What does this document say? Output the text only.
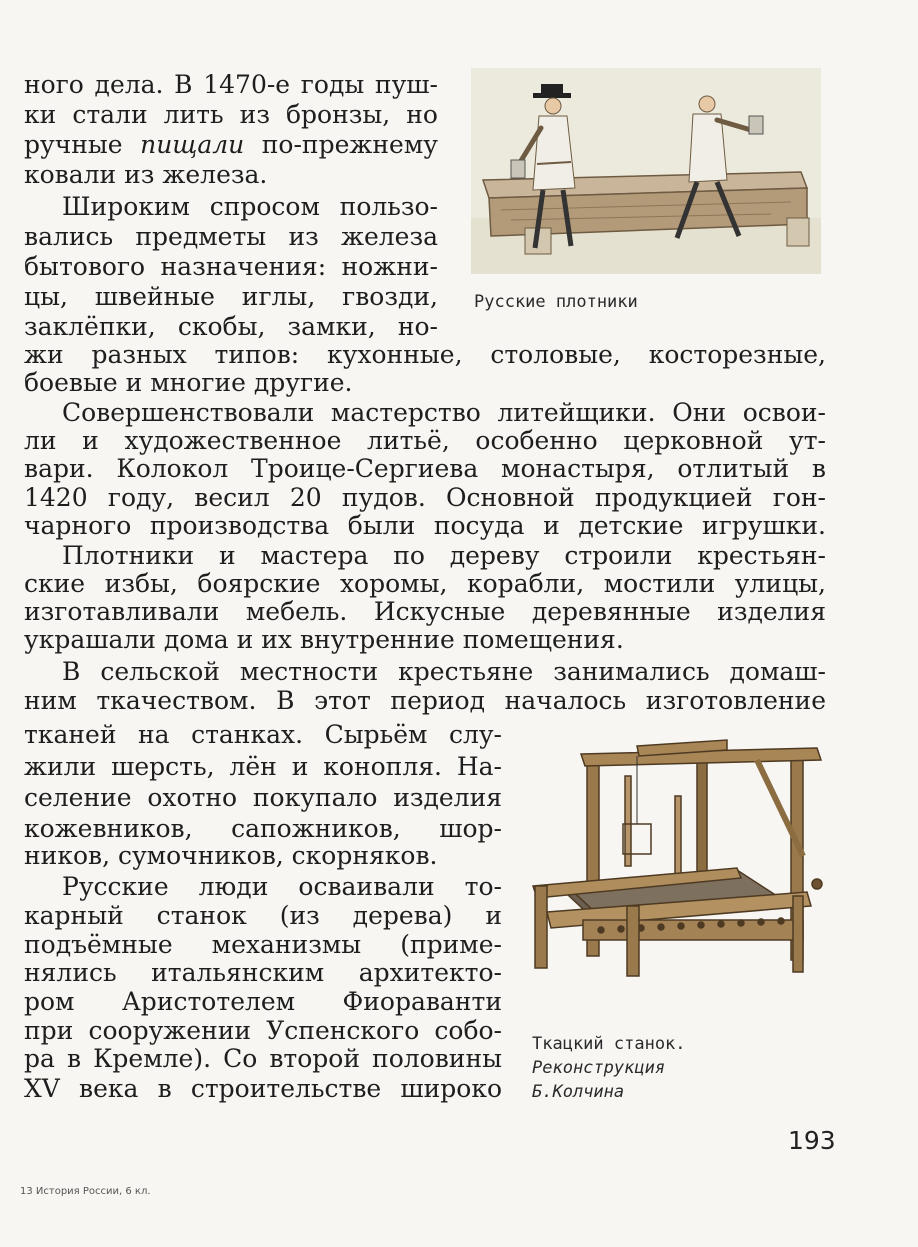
ного дела. В 1470-е годы пуш-
ки стали лить из бронзы, но
ручные пищали по-прежнему
ковали из железа.
Широким спросом пользо-
вались предметы из железа
бытового назначения: ножни-
цы, швейные иглы, гвозди,
заклёпки, скобы, замки, но-
жи разных типов: кухонные, столовые, косторезные,
боевые и многие другие.
Совершенствовали мастерство литейщики. Они освои-
ли и художественное литьё, особенно церковной ут-
вари. Колокол Троице-Сергиева монастыря, отлитый в
1420 году, весил 20 пудов. Основной продукцией гон-
чарного производства были посуда и детские игрушки.
Плотники и мастера по дереву строили крестьян-
ские избы, боярские хоромы, корабли, мостили улицы,
изготавливали мебель. Искусные деревянные изделия
украшали дома и их внутренние помещения.
В сельской местности крестьяне занимались домаш-
ним ткачеством. В этот период началось изготовление
тканей на станках. Сырьём слу-
жили шерсть, лён и конопля. На-
селение охотно покупало изделия
кожевников, сапожников, шор-
ников, сумочников, скорняков.
Русские люди осваивали то-
карный станок (из дерева) и
подъёмные механизмы (приме-
нялись итальянским архитекто-
ром Аристотелем Фиораванти
при сооружении Успенского собо-
ра в Кремле). Со второй половины
XV века в строительстве широко
Русские плотники
Ткацкий станок.
Реконструкция
Б.Колчина
193
13 История России, 6 кл.
